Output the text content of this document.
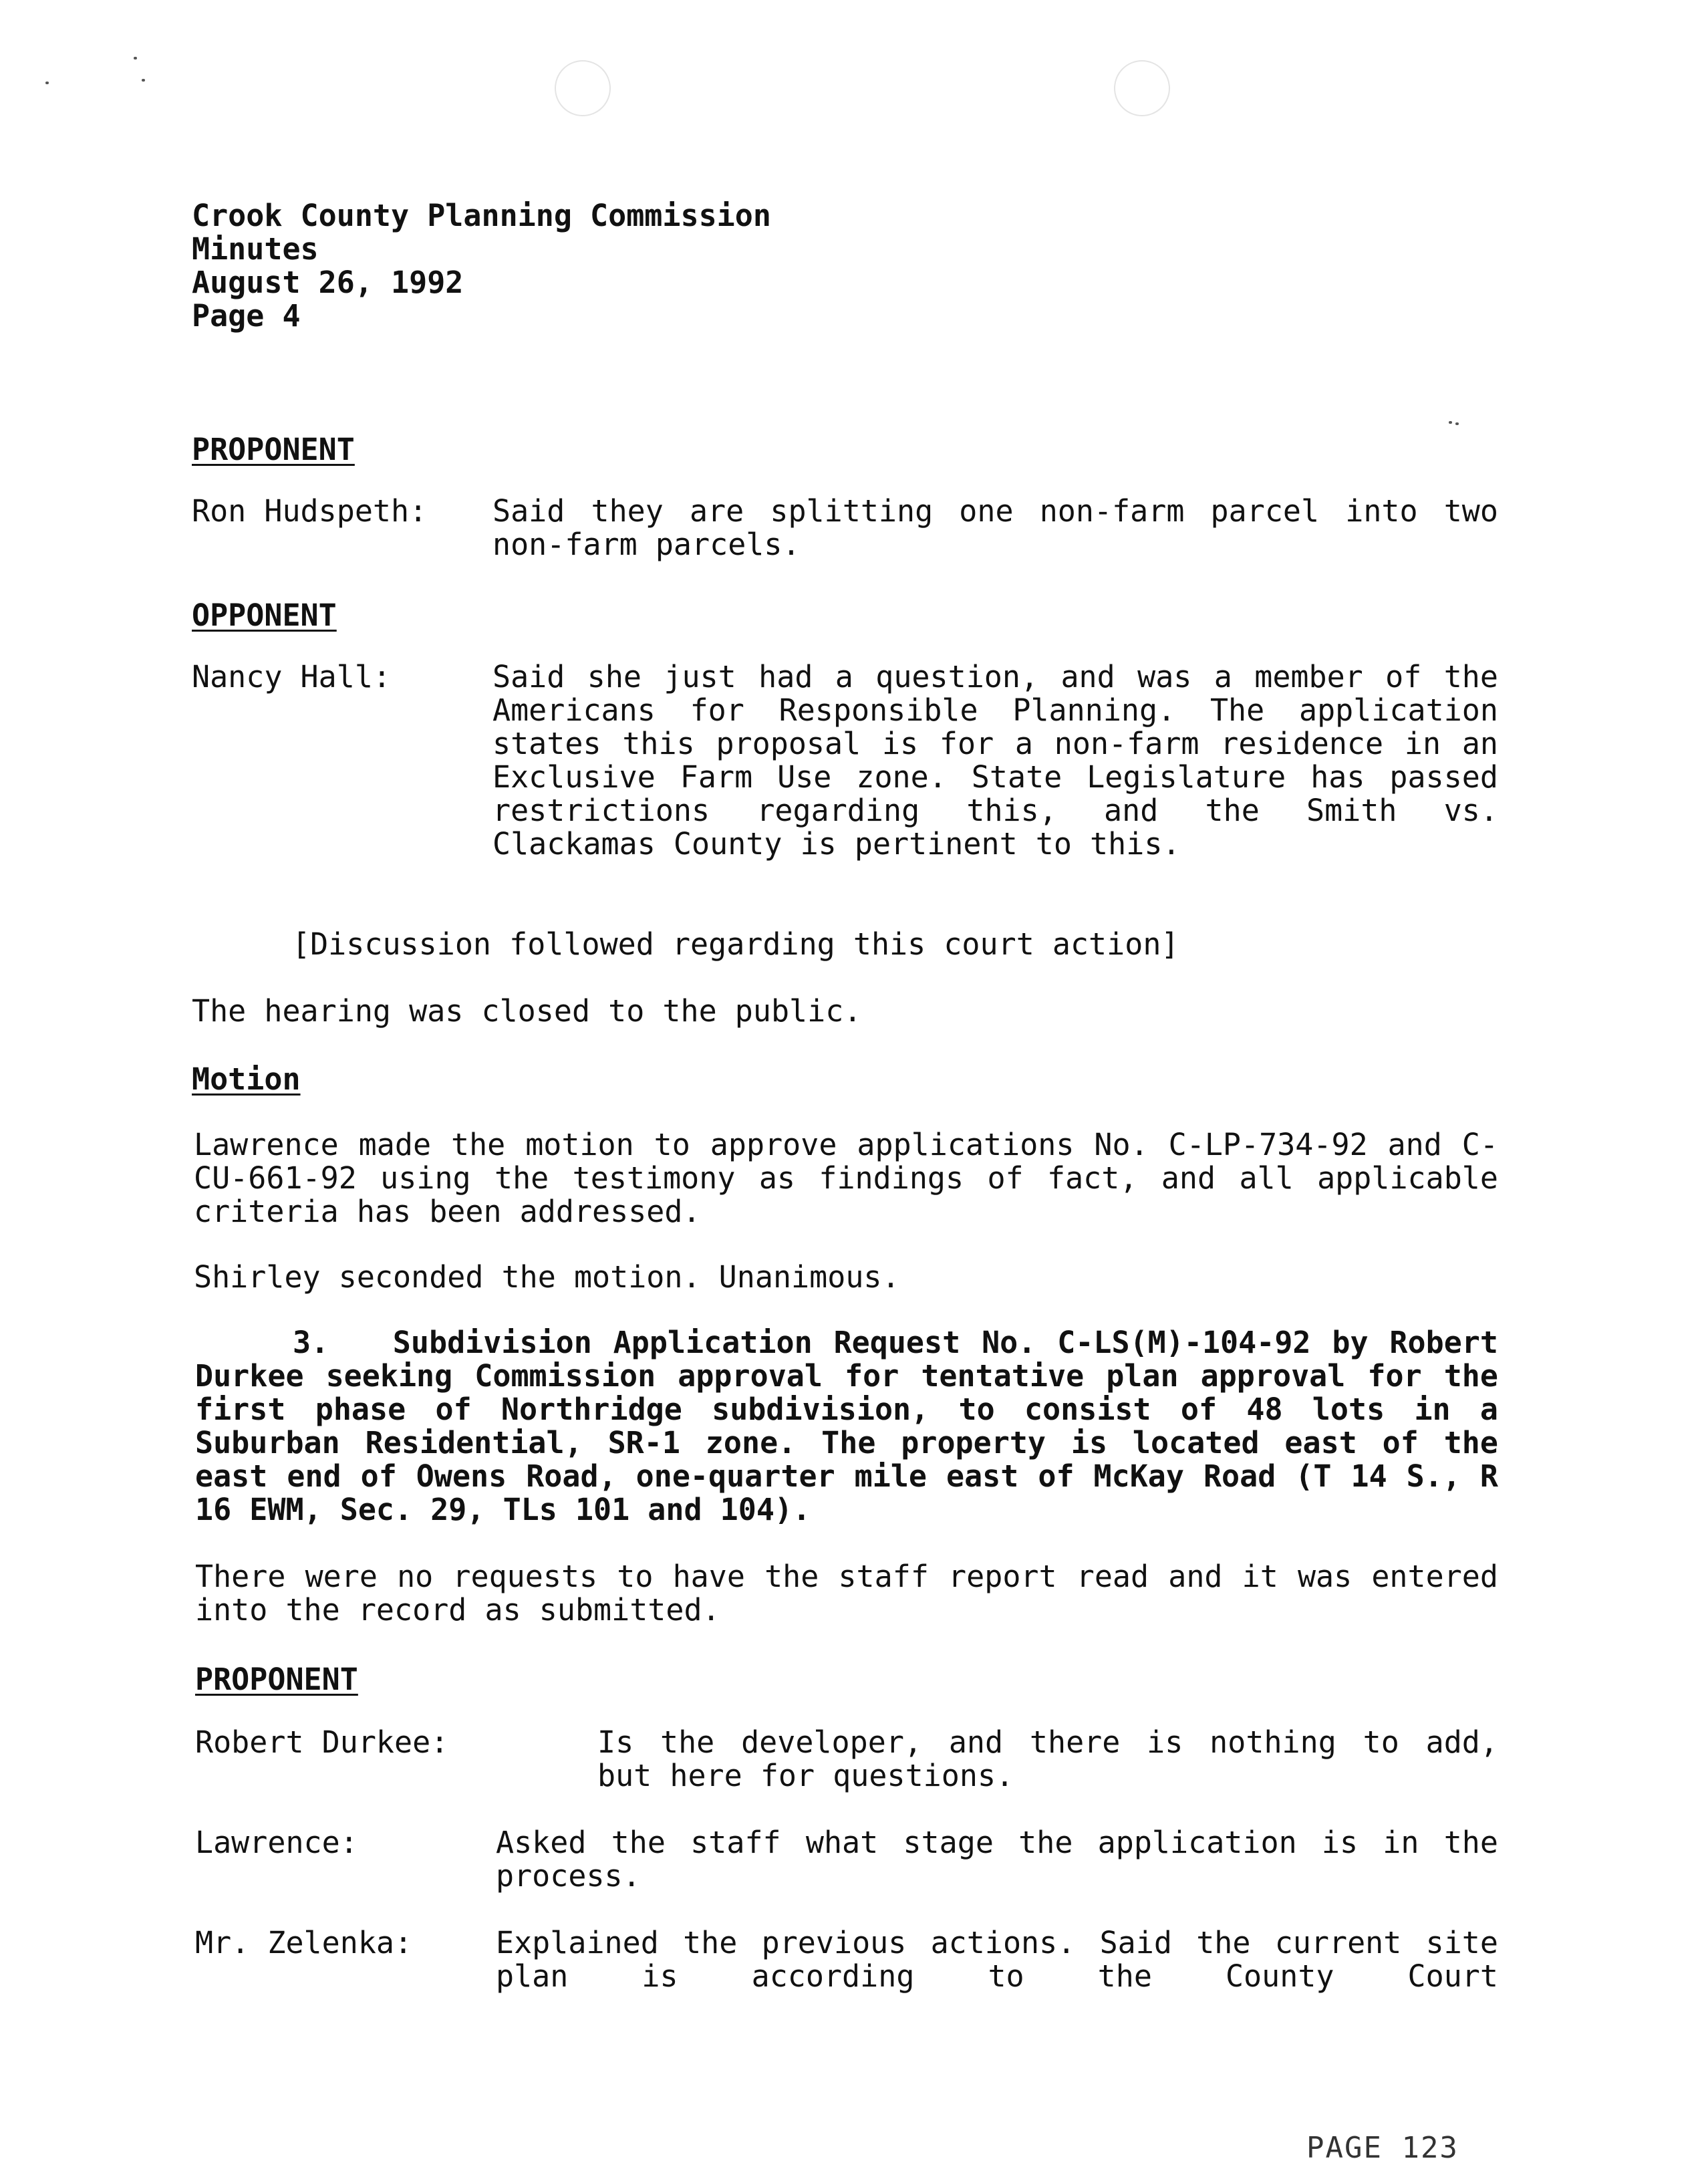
Crook County Planning Commission
Minutes
August 26, 1992
Page 4
PROPONENT
Ron Hudspeth: Said they are splitting one non-farm parcel into two non-farm parcels.
OPPONENT
Nancy Hall:	Said she just had a question, and was a member of the Americans for Responsible Planning. The application states this proposal is for a non-farm residence in an Exclusive Farm Use zone. State Legislature has passed restrictions regarding this, and the Smith vs. Clackamas County is pertinent to this.
[Discussion followed regarding this court action]
The hearing was closed to the public.
Motion
Lawrence made the motion to approve applications No. C-LP-734-92 and C-CU-661-92 using the testimony as findings of fact, and all applicable criteria has been addressed.
Shirley seconded the motion. Unanimous.
3. Subdivision Application Request No. C-LS(M)-104-92 by Robert Durkee seeking Commission approval for tentative plan approval for the first phase of Northridge subdivision, to consist of 48 lots in a Suburban Residential, SR-1 zone. The property is located east of the east end of Owens Road, one-quarter mile east of McKay Road (T 14 S., R 16 EWM, Sec. 29, TLs 101 and 104).
There were no requests to have the staff report read and it was entered into the record as submitted.
PROPONENT
Robert Durkee:	Is the developer, and there is nothing to add, but here for questions.
Lawrence:	Asked the staff what stage the application is in the process.
Mr. Zelenka:	Explained the previous actions. Said the current site plan is according to the County Court
PAGE 123
